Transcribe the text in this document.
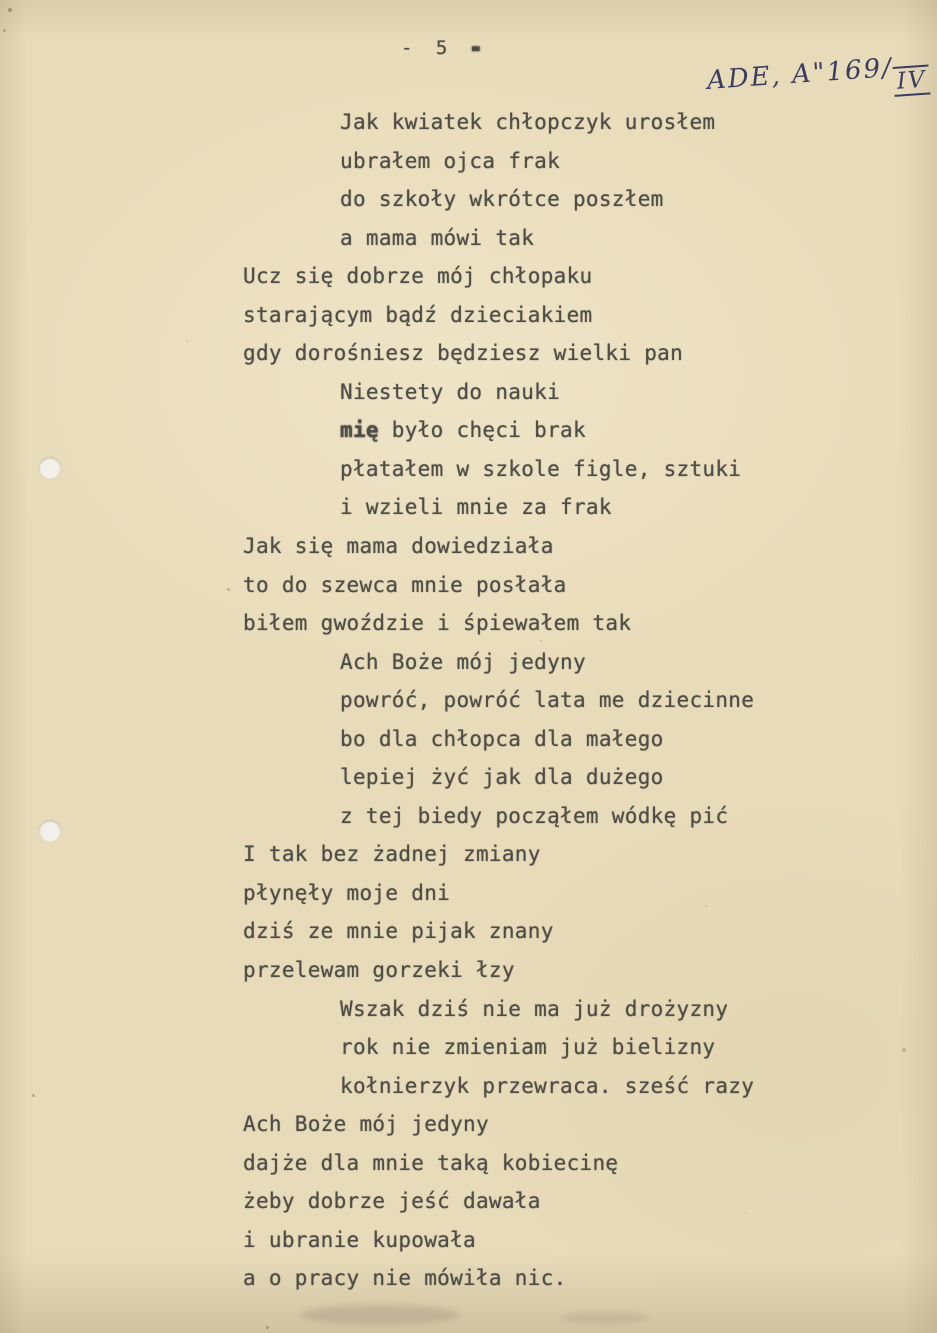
- 5 -
ADE, A"169/IV
Jak kwiatek chłopczyk urosłem
ubrałem ojca frak
do szkoły wkrótce poszłem
a mama mówi tak
Ucz się dobrze mój chłopaku
starającym bądź dzieciakiem
gdy dorośniesz będziesz wielki pan
Niestety do nauki
mię było chęci brak
płatałem w szkole figle, sztuki
i wzieli mnie za frak
Jak się mama dowiedziała
to do szewca mnie posłała
biłem gwoździe i śpiewałem tak
Ach Boże mój jedyny
powróć, powróć lata me dziecinne
bo dla chłopca dla małego
lepiej żyć jak dla dużego
z tej biedy począłem wódkę pić
I tak bez żadnej zmiany
płynęły moje dni
dziś ze mnie pijak znany
przelewam gorzeki łzy
Wszak dziś nie ma już drożyzny
rok nie zmieniam już bielizny
kołnierzyk przewraca. sześć razy
Ach Boże mój jedyny
dajże dla mnie taką kobiecinę
żeby dobrze jeść dawała
i ubranie kupowała
a o pracy nie mówiła nic.
